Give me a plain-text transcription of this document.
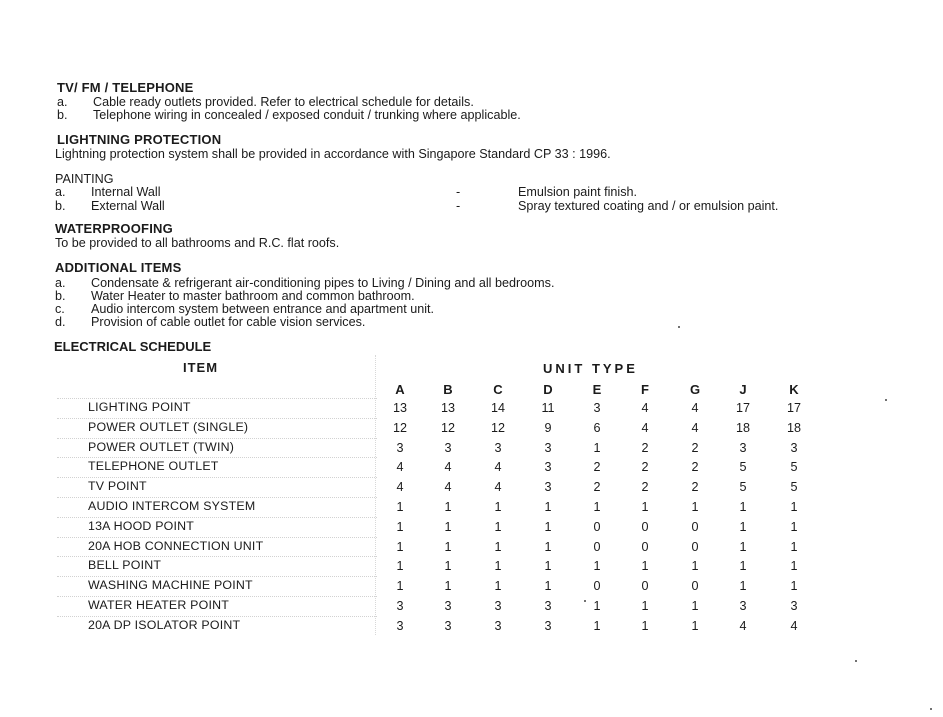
TV/ FM / TELEPHONE
a.	Cable ready outlets provided. Refer to electrical schedule for details.
b.	Telephone wiring in concealed / exposed conduit / trunking where applicable.
LIGHTNING PROTECTION
Lightning protection system shall be provided in accordance with Singapore Standard CP 33 : 1996.
PAINTING
a.	Internal Wall	-	Emulsion paint finish.
b.	External Wall	-	Spray textured coating and / or emulsion paint.
WATERPROOFING
To be provided to all bathrooms and R.C. flat roofs.
ADDITIONAL ITEMS
a.	Condensate & refrigerant air-conditioning pipes to Living / Dining and all bedrooms.
b.	Water Heater to master bathroom and common bathroom.
c.	Audio intercom system between entrance and apartment unit.
d.	Provision of cable outlet for cable vision services.
ELECTRICAL SCHEDULE
ITEM	UNIT TYPE
A	B	C	D	E	F	G	J	K
LIGHTING POINT	13	13	14	11	3	4	4	17	17
POWER OUTLET (SINGLE)	12	12	12	9	6	4	4	18	18
POWER OUTLET (TWIN)	3	3	3	3	1	2	2	3	3
TELEPHONE OUTLET	4	4	4	3	2	2	2	5	5
TV POINT	4	4	4	3	2	2	2	5	5
AUDIO INTERCOM SYSTEM	1	1	1	1	1	1	1	1	1
13A HOOD POINT	1	1	1	1	0	0	0	1	1
20A HOB CONNECTION UNIT	1	1	1	1	0	0	0	1	1
BELL POINT	1	1	1	1	1	1	1	1	1
WASHING MACHINE POINT	1	1	1	1	0	0	0	1	1
WATER HEATER POINT	3	3	3	3	1	1	1	3	3
20A DP ISOLATOR POINT	3	3	3	3	1	1	1	4	4
